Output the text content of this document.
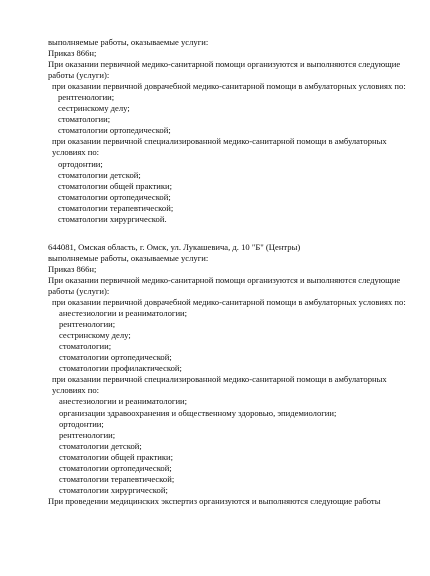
выполняемые работы, оказываемые услуги:
Приказ 866н;
При оказании первичной медико-санитарной помощи организуются и выполняются следующие работы (услуги):
при оказании первичной доврачебной медико-санитарной помощи в амбулаторных условиях по:
рентгенологии;
сестринскому делу;
стоматологии;
стоматологии ортопедической;
при оказании первичной специализированной медико-санитарной помощи в амбулаторных условиях по:
ортодонтии;
стоматологии детской;
стоматологии общей практики;
стоматологии ортопедической;
стоматологии терапевтической;
стоматологии хирургической.
644081, Омская область, г. Омск, ул. Лукашевича, д. 10 "Б" (Центры)
выполняемые работы, оказываемые услуги:
Приказ 866н;
При оказании первичной медико-санитарной помощи организуются и выполняются следующие работы (услуги):
при оказании первичной доврачебной медико-санитарной помощи в амбулаторных условиях по:
анестезиологии и реаниматологии;
рентгенологии;
сестринскому делу;
стоматологии;
стоматологии ортопедической;
стоматологии профилактической;
при оказании первичной специализированной медико-санитарной помощи в амбулаторных условиях по:
анестезиологии и реаниматологии;
организации здравоохранения и общественному здоровью, эпидемиологии;
ортодонтии;
рентгенологии;
стоматологии детской;
стоматологии общей практики;
стоматологии ортопедической;
стоматологии терапевтической;
стоматологии хирургической;
При проведении медицинских экспертиз организуются и выполняются следующие работы
